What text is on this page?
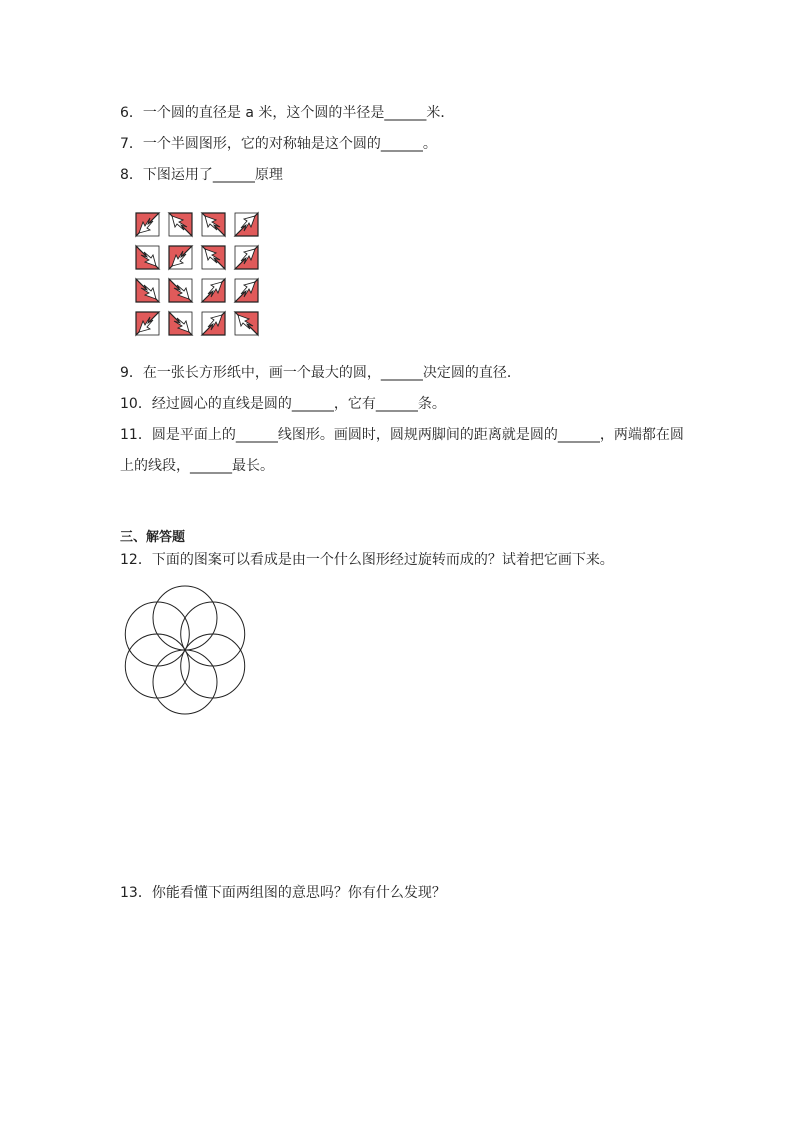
6．一个圆的直径是 a 米，这个圆的半径是______米．
7．一个半圆图形，它的对称轴是这个圆的______。
8．下图运用了______原理
9．在一张长方形纸中，画一个最大的圆，______决定圆的直径．
10．经过圆心的直线是圆的______，它有______条。
11．圆是平面上的______线图形。画圆时，圆规两脚间的距离就是圆的______，两端都在圆
上的线段，______最长。
三、解答题
12．下面的图案可以看成是由一个什么图形经过旋转而成的？试着把它画下来。
13．你能看懂下面两组图的意思吗？你有什么发现？
